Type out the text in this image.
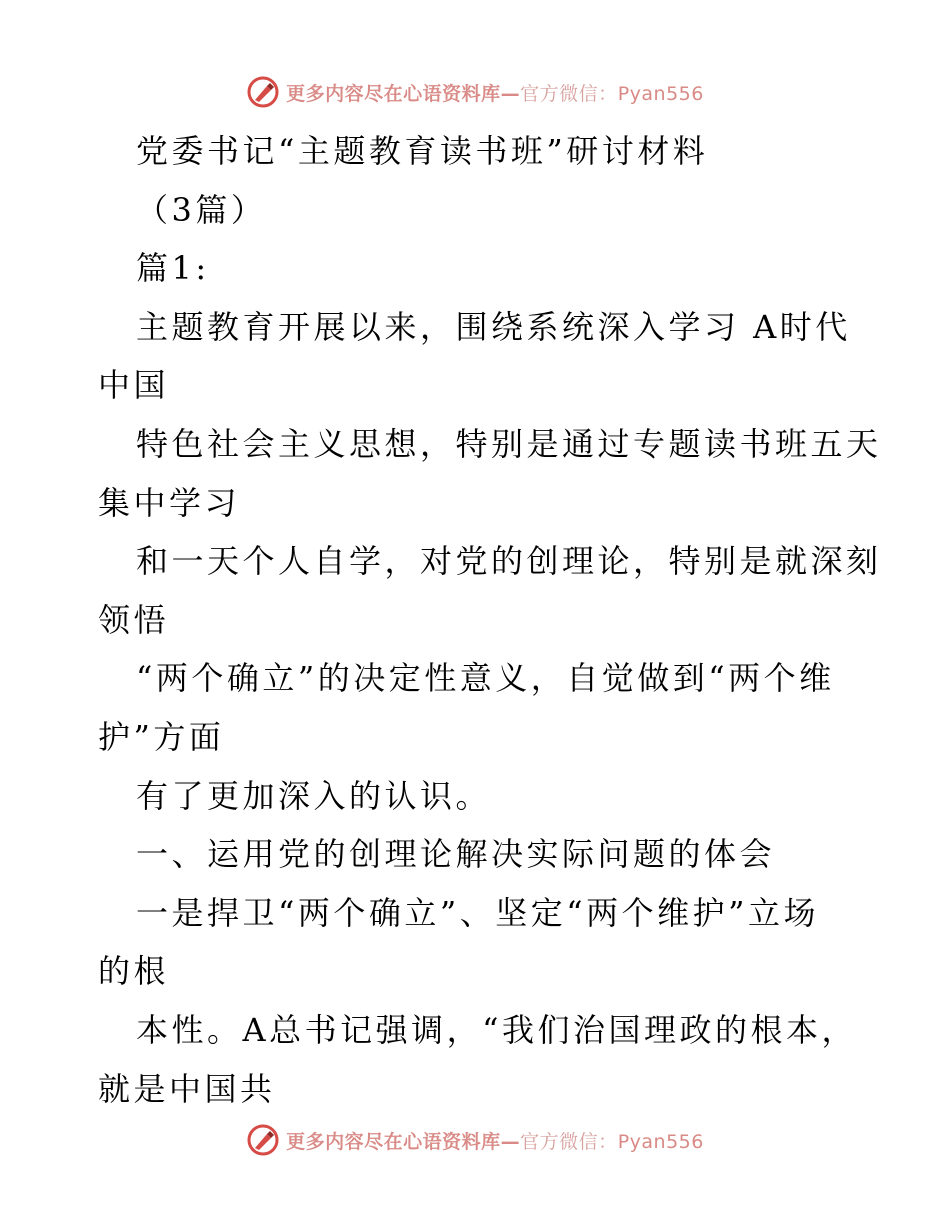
更多内容尽在心语资料库—官方微信：Pyan556
党委书记“主题教育读书班”研讨材料
（3篇）
篇1:
主题教育开展以来，围绕系统深入学习 A时代
中国
特色社会主义思想，特别是通过专题读书班五天
集中学习
和一天个人自学，对党的创理论，特别是就深刻
领悟
“两个确立”的决定性意义，自觉做到“两个维
护”方面
有了更加深入的认识。
一、运用党的创理论解决实际问题的体会
一是捍卫“两个确立”、坚定“两个维护”立场
的根
本性。A总书记强调，“我们治国理政的根本，
就是中国共
更多内容尽在心语资料库—官方微信：Pyan556
